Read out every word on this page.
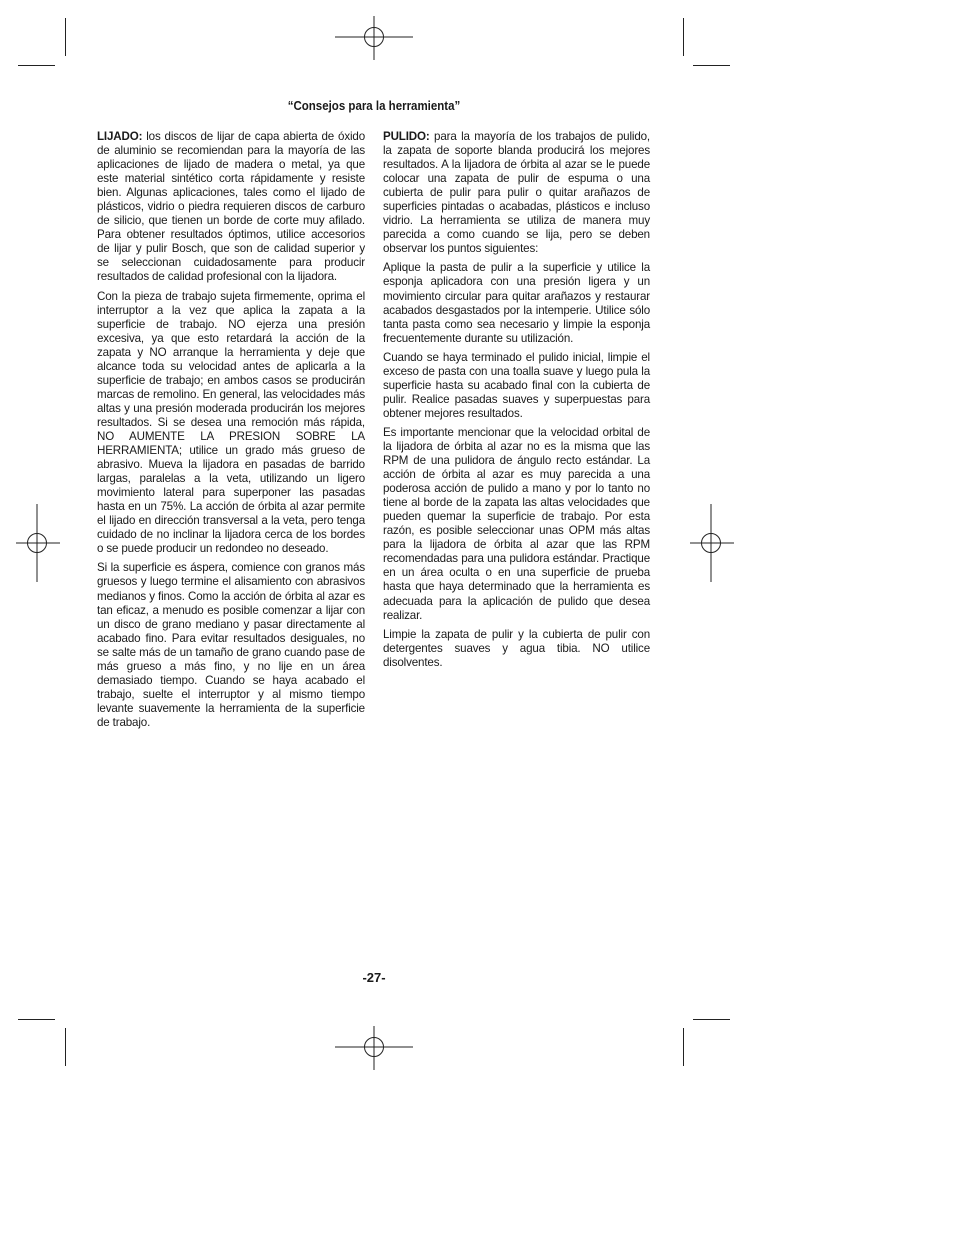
“Consejos para la herramienta”

LIJADO: los discos de lijar de capa abierta de óxido de aluminio se recomiendan para la mayoría de las aplicaciones de lijado de madera o metal, ya que este material sintético corta rápidamente y resiste bien. Algunas aplicaciones, tales como el lijado de plásticos, vidrio o piedra requieren discos de carburo de silicio, que tienen un borde de corte muy afilado. Para obtener resultados óptimos, utilice accesorios de lijar y pulir Bosch, que son de calidad superior y se seleccionan cuidadosamente para producir resultados de calidad profesional con la lijadora.

Con la pieza de trabajo sujeta firmemente, oprima el interruptor a la vez que aplica la zapata a la superficie de trabajo. NO ejerza una presión excesiva, ya que esto retardará la acción de la zapata y NO arranque la herramienta y deje que alcance toda su velocidad antes de aplicarla a la superficie de trabajo; en ambos casos se producirán marcas de remolino. En general, las velocidades más altas y una presión moderada producirán los mejores resultados. Si se desea una remoción más rápida, NO AUMENTE LA PRESION SOBRE LA HERRAMIENTA; utilice un grado más grueso de abrasivo. Mueva la lijadora en pasadas de barrido largas, paralelas a la veta, utilizando un ligero movimiento lateral para superponer las pasadas hasta en un 75%. La acción de órbita al azar permite el lijado en dirección transversal a la veta, pero tenga cuidado de no inclinar la lijadora cerca de los bordes o se puede producir un redondeo no deseado.

Si la superficie es áspera, comience con granos más gruesos y luego termine el alisamiento con abrasivos medianos y finos. Como la acción de órbita al azar es tan eficaz, a menudo es posible comenzar a lijar con un disco de grano mediano y pasar directamente al acabado fino. Para evitar resultados desiguales, no se salte más de un tamaño de grano cuando pase de más grueso a más fino, y no lije en un área demasiado tiempo. Cuando se haya acabado el trabajo, suelte el interruptor y al mismo tiempo levante suavemente la herramienta de la superficie de trabajo.

PULIDO: para la mayoría de los trabajos de pulido, la zapata de soporte blanda producirá los mejores resultados. A la lijadora de órbita al azar se le puede colocar una zapata de pulir de espuma o una cubierta de pulir para pulir o quitar arañazos de superficies pintadas o acabadas, plásticos e incluso vidrio. La herramienta se utiliza de manera muy parecida a como cuando se lija, pero se deben observar los puntos siguientes:

Aplique la pasta de pulir a la superficie y utilice la esponja aplicadora con una presión ligera y un movimiento circular para quitar arañazos y restaurar acabados desgastados por la intemperie. Utilice sólo tanta pasta como sea necesario y limpie la esponja frecuentemente durante su utilización.

Cuando se haya terminado el pulido inicial, limpie el exceso de pasta con una toalla suave y luego pula la superficie hasta su acabado final con la cubierta de pulir. Realice pasadas suaves y superpuestas para obtener mejores resultados.

Es importante mencionar que la velocidad orbital de la lijadora de órbita al azar no es la misma que las RPM de una pulidora de ángulo recto estándar. La acción de órbita al azar es muy parecida a una poderosa acción de pulido a mano y por lo tanto no tiene al borde de la zapata las altas velocidades que pueden quemar la superficie de trabajo. Por esta razón, es posible seleccionar unas OPM más altas para la lijadora de órbita al azar que las RPM recomendadas para una pulidora estándar. Practique en un área oculta o en una superficie de prueba hasta que haya determinado que la herramienta es adecuada para la aplicación de pulido que desea realizar.

Limpie la zapata de pulir y la cubierta de pulir con detergentes suaves y agua tibia. NO utilice disolventes.

-27-
